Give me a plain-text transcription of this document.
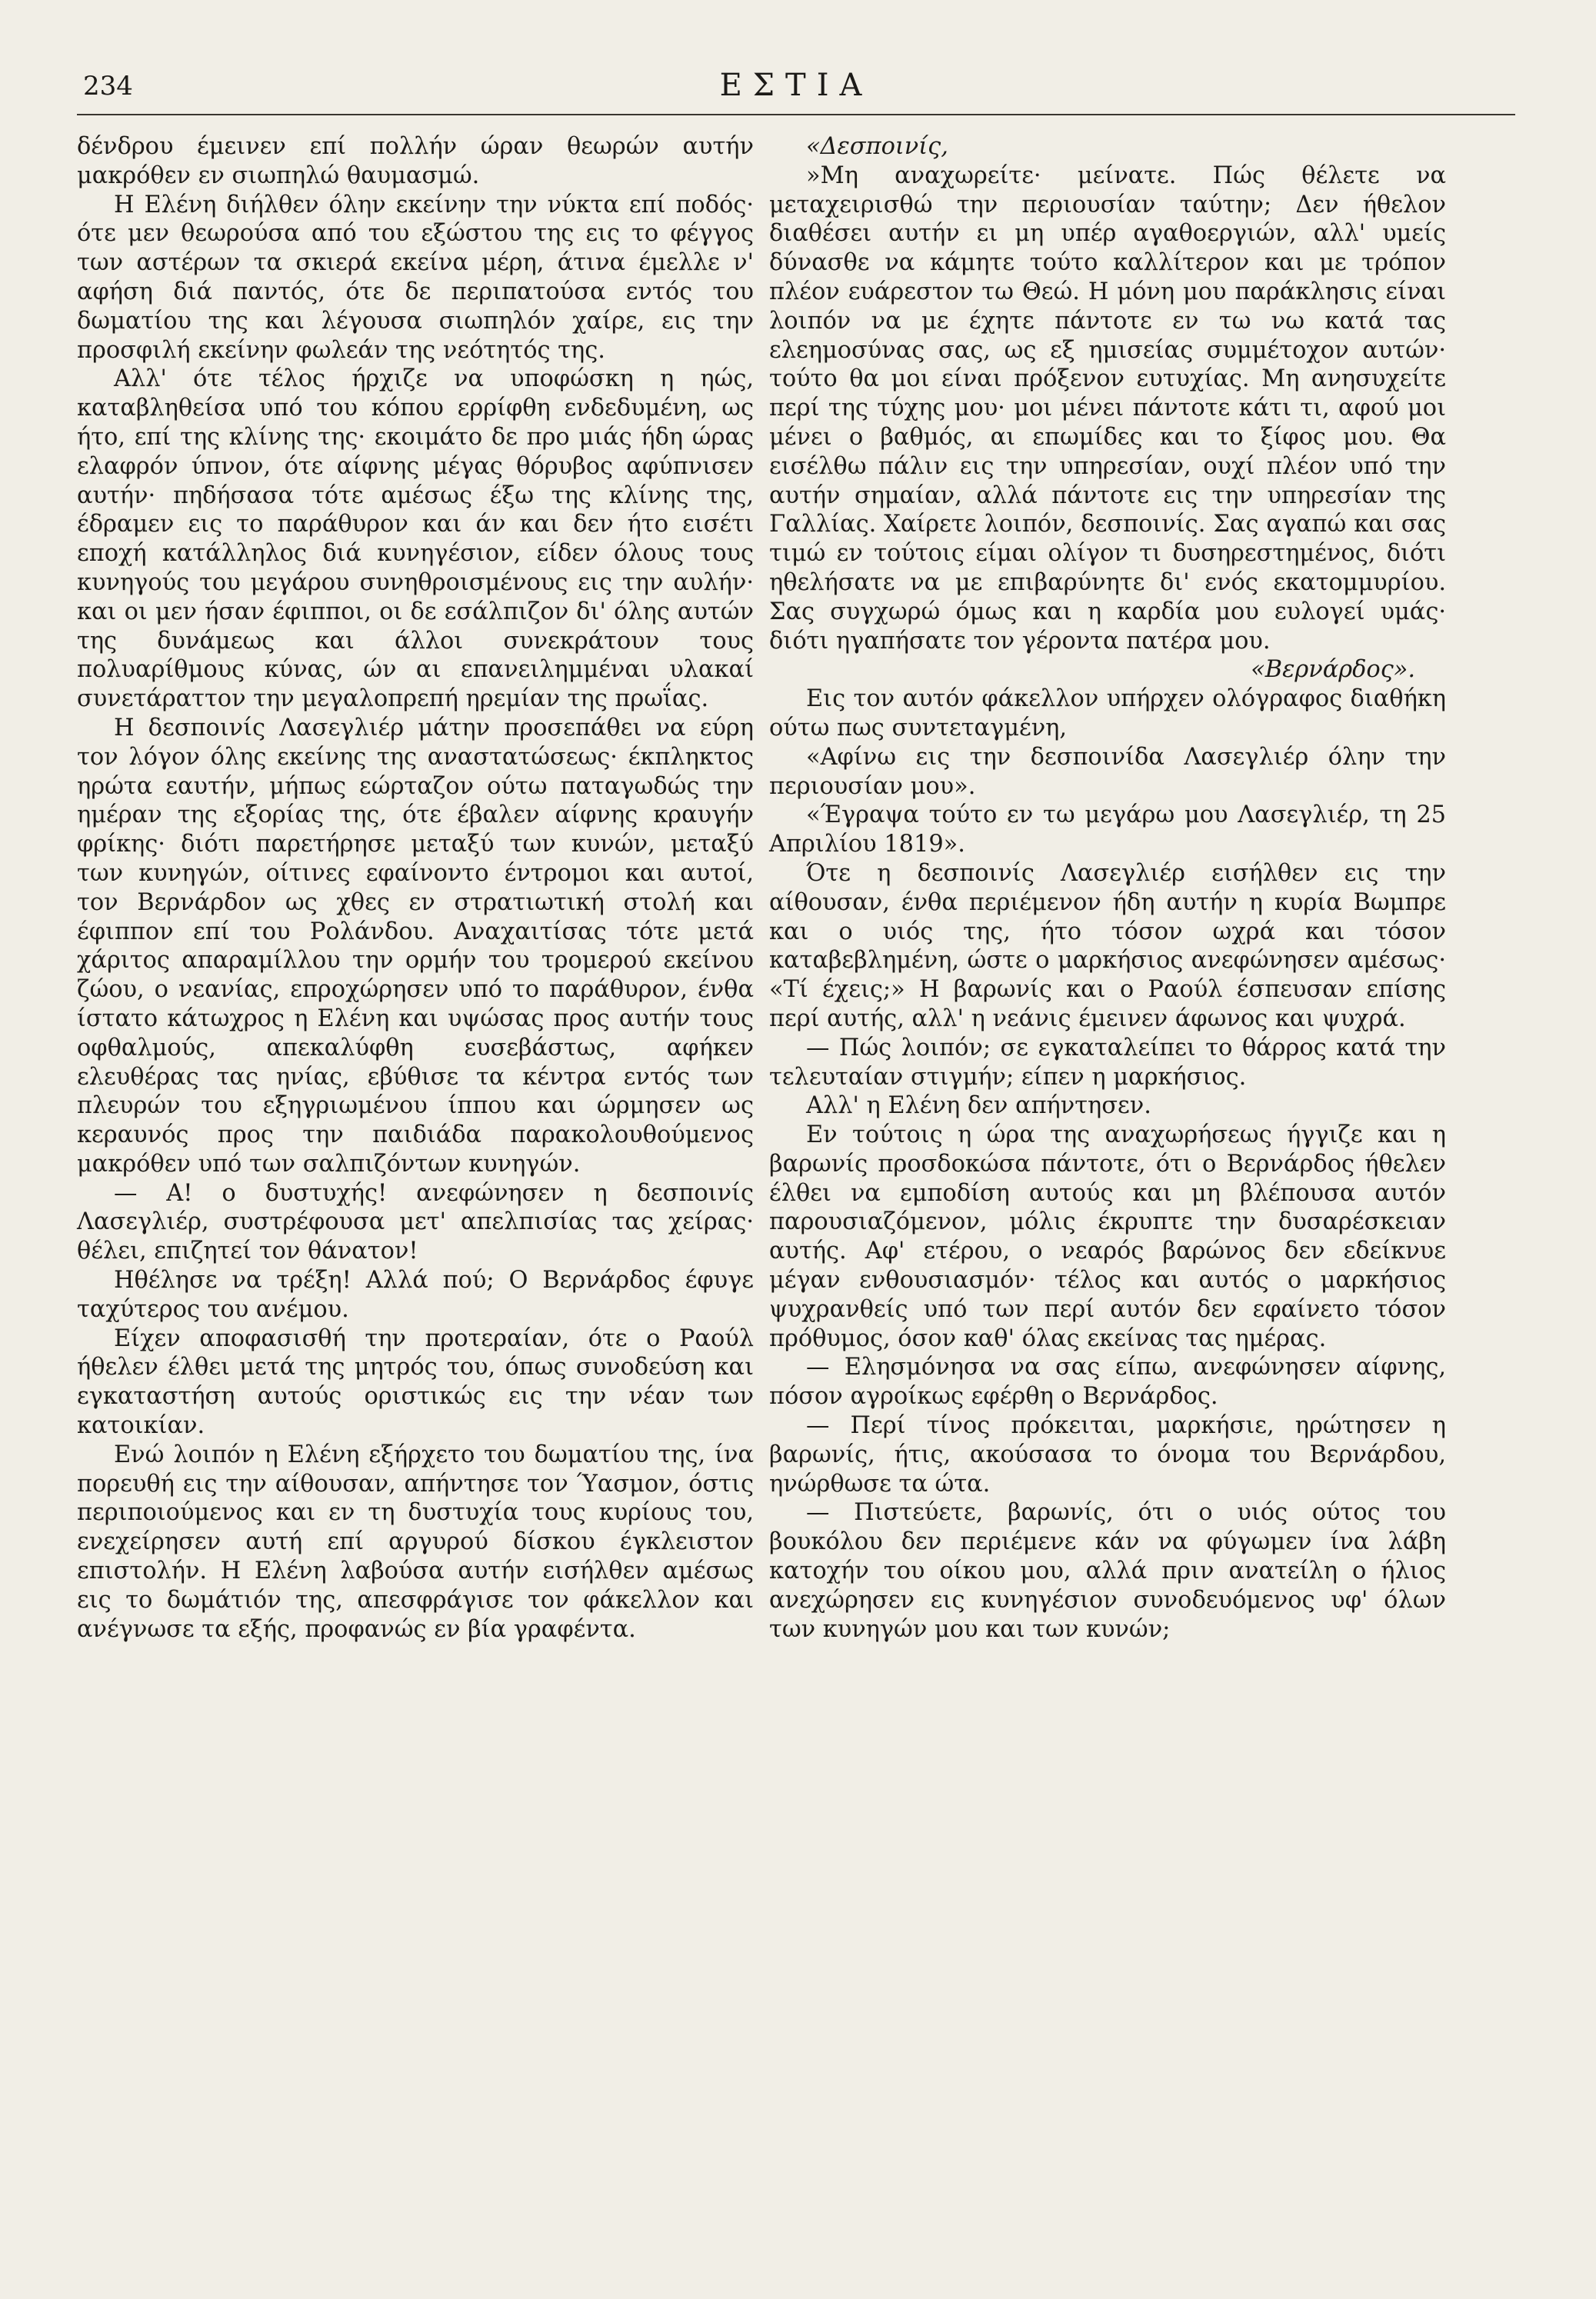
234	ΕΣΤΙΑ

δένδρου έμεινεν επί πολλήν ώραν θεωρών αυτήν μακρόθεν εν σιωπηλώ θαυμασμώ.

Η Ελένη διήλθεν όλην εκείνην την νύκτα επί ποδός· ότε μεν θεωρούσα από του εξώστου της εις το φέγγος των αστέρων τα σκιερά εκείνα μέρη, άτινα έμελλε ν' αφήση διά παντός, ότε δε περιπατούσα εντός του δωματίου της και λέγουσα σιωπηλόν χαίρε, εις την προσφιλή εκείνην φωλεάν της νεότητός της.

Αλλ' ότε τέλος ήρχιζε να υποφώσκη η ηώς, καταβληθείσα υπό του κόπου ερρίφθη ενδεδυμένη, ως ήτο, επί της κλίνης της· εκοιμάτο δε προ μιάς ήδη ώρας ελαφρόν ύπνον, ότε αίφνης μέγας θόρυβος αφύπνισεν αυτήν· πηδήσασα τότε αμέσως έξω της κλίνης της, έδραμεν εις το παράθυρον και άν και δεν ήτο εισέτι εποχή κατάλληλος διά κυνηγέσιον, είδεν όλους τους κυνηγούς του μεγάρου συνηθροισμένους εις την αυλήν· και οι μεν ήσαν έφιπποι, οι δε εσάλπιζον δι' όλης αυτών της δυνάμεως και άλλοι συνεκράτουν τους πολυαρίθμους κύνας, ών αι επανειλημμέναι υλακαί συνετάραττον την μεγαλοπρεπή ηρεμίαν της πρωΐας.

Η δεσποινίς Λασεγλιέρ μάτην προσεπάθει να εύρη τον λόγον όλης εκείνης της αναστατώσεως· έκπληκτος ηρώτα εαυτήν, μήπως εώρταζον ούτω παταγωδώς την ημέραν της εξορίας της, ότε έβαλεν αίφνης κραυγήν φρίκης· διότι παρετήρησε μεταξύ των κυνών, μεταξύ των κυνηγών, οίτινες εφαίνοντο έντρομοι και αυτοί, τον Βερνάρδον ως χθες εν στρατιωτική στολή και έφιππον επί του Ρολάνδου. Αναχαιτίσας τότε μετά χάριτος απαραμίλλου την ορμήν του τρομερού εκείνου ζώου, ο νεανίας, επροχώρησεν υπό το παράθυρον, ένθα ίστατο κάτωχρος η Ελένη και υψώσας προς αυτήν τους οφθαλμούς, απεκαλύφθη ευσεβάστως, αφήκεν ελευθέρας τας ηνίας, εβύθισε τα κέντρα εντός των πλευρών του εξηγριωμένου ίππου και ώρμησεν ως κεραυνός προς την παιδιάδα παρακολουθούμενος μακρόθεν υπό των σαλπιζόντων κυνηγών.

— Α! ο δυστυχής! ανεφώνησεν η δεσποινίς Λασεγλιέρ, συστρέφουσα μετ' απελπισίας τας χείρας· θέλει, επιζητεί τον θάνατον!

Ηθέλησε να τρέξη! Αλλά πού; Ο Βερνάρδος έφυγε ταχύτερος του ανέμου.

Είχεν αποφασισθή την προτεραίαν, ότε ο Ραούλ ήθελεν έλθει μετά της μητρός του, όπως συνοδεύση και εγκαταστήση αυτούς οριστικώς εις την νέαν των κατοικίαν.

Ενώ λοιπόν η Ελένη εξήρχετο του δωματίου της, ίνα πορευθή εις την αίθουσαν, απήντησε τον Ύασμον, όστις περιποιούμενος και εν τη δυστυχία τους κυρίους του, ενεχείρησεν αυτή επί αργυρού δίσκου έγκλειστον επιστολήν. Η Ελένη λαβούσα αυτήν εισήλθεν αμέσως εις το δωμάτιόν της, απεσφράγισε τον φάκελλον και ανέγνωσε τα εξής, προφανώς εν βία γραφέντα.

«Δεσποινίς,

»Μη αναχωρείτε· μείνατε. Πώς θέλετε να μεταχειρισθώ την περιουσίαν ταύτην; Δεν ήθελον διαθέσει αυτήν ει μη υπέρ αγαθοεργιών, αλλ' υμείς δύνασθε να κάμητε τούτο καλλίτερον και με τρόπον πλέον ευάρεστον τω Θεώ. Η μόνη μου παράκλησις είναι λοιπόν να με έχητε πάντοτε εν τω νω κατά τας ελεημοσύνας σας, ως εξ ημισείας συμμέτοχον αυτών· τούτο θα μοι είναι πρόξενον ευτυχίας. Μη ανησυχείτε περί της τύχης μου· μοι μένει πάντοτε κάτι τι, αφού μοι μένει ο βαθμός, αι επωμίδες και το ξίφος μου. Θα εισέλθω πάλιν εις την υπηρεσίαν, ουχί πλέον υπό την αυτήν σημαίαν, αλλά πάντοτε εις την υπηρεσίαν της Γαλλίας. Χαίρετε λοιπόν, δεσποινίς. Σας αγαπώ και σας τιμώ εν τούτοις είμαι ολίγον τι δυσηρεστημένος, διότι ηθελήσατε να με επιβαρύνητε δι' ενός εκατομμυρίου. Σας συγχωρώ όμως και η καρδία μου ευλογεί υμάς· διότι ηγαπήσατε τον γέροντα πατέρα μου.

«Βερνάρδος».

Εις τον αυτόν φάκελλον υπήρχεν ολόγραφος διαθήκη ούτω πως συντεταγμένη,

«Αφίνω εις την δεσποινίδα Λασεγλιέρ όλην την περιουσίαν μου».

«Έγραψα τούτο εν τω μεγάρω μου Λασεγλιέρ, τη 25 Απριλίου 1819».

Ότε η δεσποινίς Λασεγλιέρ εισήλθεν εις την αίθουσαν, ένθα περιέμενον ήδη αυτήν η κυρία Βωμπρε και ο υιός της, ήτο τόσον ωχρά και τόσον καταβεβλημένη, ώστε ο μαρκήσιος ανεφώνησεν αμέσως· «Τί έχεις;» Η βαρωνίς και ο Ραούλ έσπευσαν επίσης περί αυτής, αλλ' η νεάνις έμεινεν άφωνος και ψυχρά.

— Πώς λοιπόν; σε εγκαταλείπει το θάρρος κατά την τελευταίαν στιγμήν; είπεν η μαρκήσιος.

Αλλ' η Ελένη δεν απήντησεν.

Εν τούτοις η ώρα της αναχωρήσεως ήγγιζε και η βαρωνίς προσδοκώσα πάντοτε, ότι ο Βερνάρδος ήθελεν έλθει να εμποδίση αυτούς και μη βλέπουσα αυτόν παρουσιαζόμενον, μόλις έκρυπτε την δυσαρέσκειαν αυτής. Αφ' ετέρου, ο νεαρός βαρώνος δεν εδείκνυε μέγαν ενθουσιασμόν· τέλος και αυτός ο μαρκήσιος ψυχρανθείς υπό των περί αυτόν δεν εφαίνετο τόσον πρόθυμος, όσον καθ' όλας εκείνας τας ημέρας.

— Ελησμόνησα να σας είπω, ανεφώνησεν αίφνης, πόσον αγροίκως εφέρθη ο Βερνάρδος.

— Περί τίνος πρόκειται, μαρκήσιε, ηρώτησεν η βαρωνίς, ήτις, ακούσασα το όνομα του Βερνάρδου, ηνώρθωσε τα ώτα.

— Πιστεύετε, βαρωνίς, ότι ο υιός ούτος του βουκόλου δεν περιέμενε κάν να φύγωμεν ίνα λάβη κατοχήν του οίκου μου, αλλά πριν ανατείλη ο ήλιος ανεχώρησεν εις κυνηγέσιον συνοδευόμενος υφ' όλων των κυνηγών μου και των κυνών;
